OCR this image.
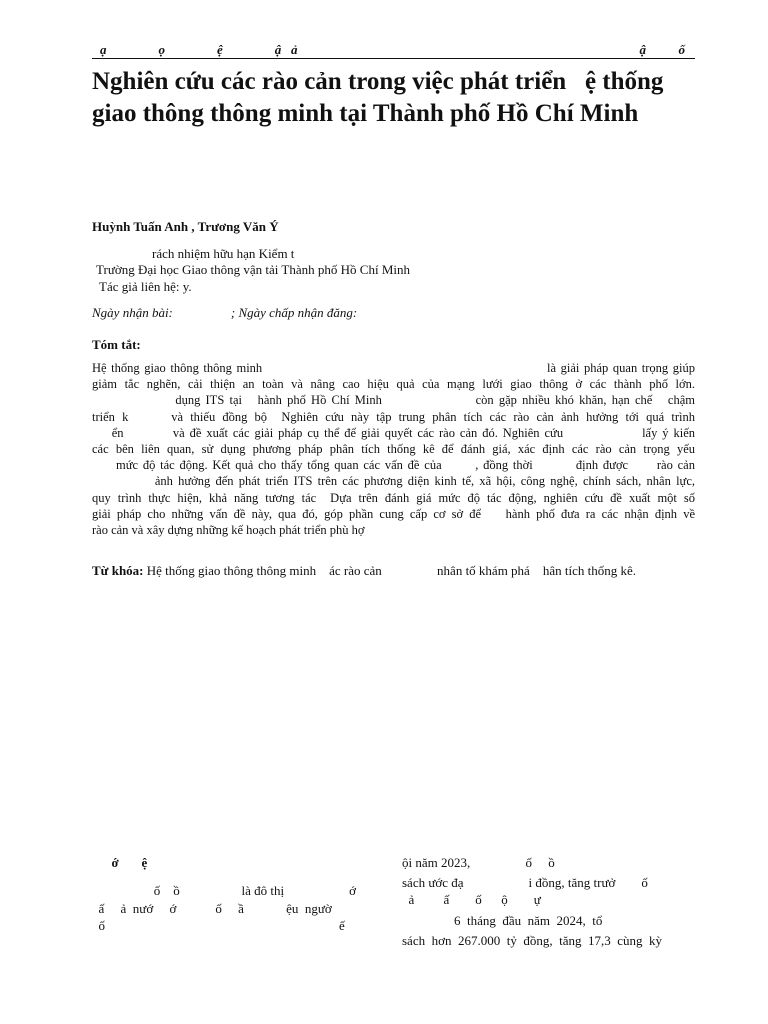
ạ                ọ                ệ                ậ   ả	ậ          ố
Nghiên cứu các rào cản trong việc phát triển   ệ thống giao thông thông minh tại Thành phố Hồ Chí Minh

Huỳnh Tuấn Anh , Trương Văn Ý

rách nhiệm hữu hạn Kiểm t

Trường Đại học Giao thông vận tải Thành phố Hồ Chí Minh

Tác giả liên hệ: y.

Ngày nhận bài:	; Ngày chấp nhận đăng:

Tóm tắt:

Hệ thống giao thông thông minh                                                              là giải pháp quan trọng giúp
giảm tắc nghẽn, cải thiện an toàn và nâng cao hiệu quả của mạng lưới giao thông ở các thành phố lớn.
dụng ITS tại   hành phố Hồ Chí Minh                  còn gặp nhiều khó khăn, hạn chế   chậm
triển k      và thiếu đồng bộ  Nghiên cứu này tập trung phân tích các rào cản ảnh hưởng tới quá trình
ển          và đề xuất các giải pháp cụ thể để giải quyết các rào cản đó. Nghiên cứu                lấy ý kiến
các bên liên quan, sử dụng phương pháp phân tích thống kê để đánh giá, xác định các rào cản trọng yếu
mức độ tác động. Kết quả cho thấy tổng quan các vấn đề của       , đồng thời         định được      rào cản
ảnh hưởng đến phát triển ITS trên các phương diện kinh tế, xã hội, công nghệ, chính sách, nhân lực,
quy trình thực hiện, khả năng tương tác  Dựa trên đánh giá mức độ tác động, nghiên cứu đề xuất một số
giải pháp cho những vấn đề này, qua đó, góp phần cung cấp cơ sở để    hành phố đưa ra các nhận định về
rào cản và xây dựng những kế hoạch phát triển phù hợ

Từ khóa: Hệ thống giao thông thông minh    ác rào cản                 nhân tố khám phá    hân tích thống kê.

ớ       ệ

ố    ồ                   là đô thị                    ớ

ấ     ả  nướ     ớ            ố     ầ             ệu  ngườ

ố                                                                        ế

ội năm 2023,                 ố     ồ

sách ước đạ                    i đồng, tăng trưở        ố

ả         ấ        ố      ộ        ự

6  tháng  đầu  năm  2024,  tổ

sách  hơn  267.000  tỷ  đồng,  tăng  17,3  cùng  kỳ
